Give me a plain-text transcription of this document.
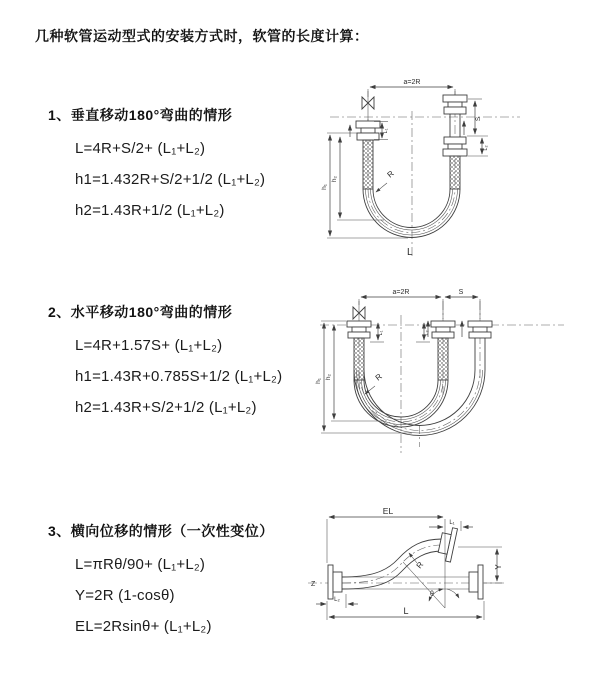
几种软管运动型式的安装方式时，软管的长度计算：
1、垂直移动180°弯曲的情形
L=4R+S/2+ (L₁+L₂)
h1=1.432R+S/2+1/2 (L₁+L₂)
h2=1.43R+1/2 (L₁+L₂)
2、水平移动180°弯曲的情形
L=4R+1.57S+ (L₁+L₂)
h1=1.43R+0.785S+1/2 (L₁+L₂)
h2=1.43R+S/2+1/2 (L₁+L₂)
3、横向位移的情形（一次性变位）
L=πRθ/90+ (L₁+L₂)
Y=2R (1-cosθ)
EL=2Rsinθ+ (L₁+L₂)
a=2R
h₁
h₂
L₁
S
L₂
R
L
a=2R	S
h₁
h₂
L₁	L₂
R
Z
EL
L₁
Y
L
L₂
R
θ
